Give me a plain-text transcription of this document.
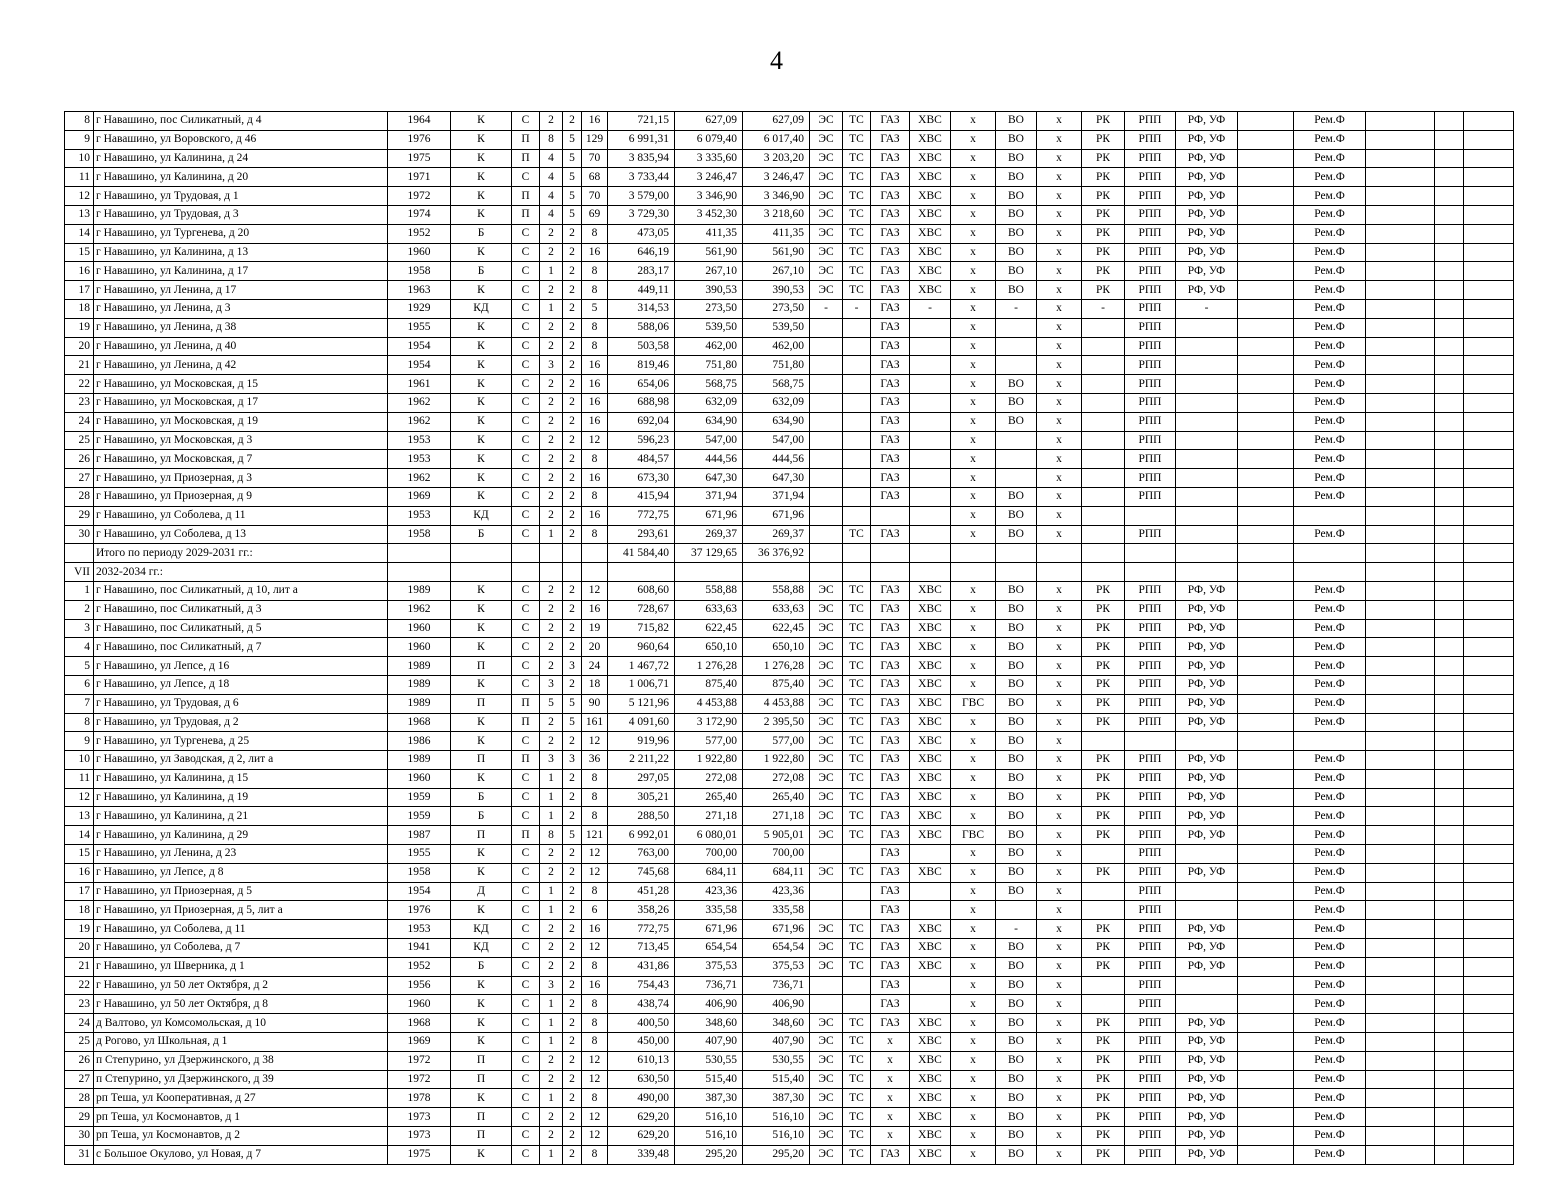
4
8	г Навашино, пос Силикатный, д 4	1964	К	С	2	2	16	721,15	627,09	627,09	ЭС	ТС	ГАЗ	ХВС	х	ВО	х	РК	РПП	РФ, УФ		Рем.Ф			
9	г Навашино, ул Воровского, д 46	1976	К	П	8	5	129	6 991,31	6 079,40	6 017,40	ЭС	ТС	ГАЗ	ХВС	х	ВО	х	РК	РПП	РФ, УФ		Рем.Ф			
10	г Навашино, ул Калинина, д 24	1975	К	П	4	5	70	3 835,94	3 335,60	3 203,20	ЭС	ТС	ГАЗ	ХВС	х	ВО	х	РК	РПП	РФ, УФ		Рем.Ф			
11	г Навашино, ул Калинина, д 20	1971	К	С	4	5	68	3 733,44	3 246,47	3 246,47	ЭС	ТС	ГАЗ	ХВС	х	ВО	х	РК	РПП	РФ, УФ		Рем.Ф			
12	г Навашино, ул Трудовая, д 1	1972	К	П	4	5	70	3 579,00	3 346,90	3 346,90	ЭС	ТС	ГАЗ	ХВС	х	ВО	х	РК	РПП	РФ, УФ		Рем.Ф			
13	г Навашино, ул Трудовая, д 3	1974	К	П	4	5	69	3 729,30	3 452,30	3 218,60	ЭС	ТС	ГАЗ	ХВС	х	ВО	х	РК	РПП	РФ, УФ		Рем.Ф			
14	г Навашино, ул Тургенева, д 20	1952	Б	С	2	2	8	473,05	411,35	411,35	ЭС	ТС	ГАЗ	ХВС	х	ВО	х	РК	РПП	РФ, УФ		Рем.Ф			
15	г Навашино, ул Калинина, д 13	1960	К	С	2	2	16	646,19	561,90	561,90	ЭС	ТС	ГАЗ	ХВС	х	ВО	х	РК	РПП	РФ, УФ		Рем.Ф			
16	г Навашино, ул Калинина, д 17	1958	Б	С	1	2	8	283,17	267,10	267,10	ЭС	ТС	ГАЗ	ХВС	х	ВО	х	РК	РПП	РФ, УФ		Рем.Ф			
17	г Навашино, ул Ленина, д 17	1963	К	С	2	2	8	449,11	390,53	390,53	ЭС	ТС	ГАЗ	ХВС	х	ВО	х	РК	РПП	РФ, УФ		Рем.Ф			
18	г Навашино, ул Ленина, д 3	1929	КД	С	1	2	5	314,53	273,50	273,50	-	-	ГАЗ	-	х	-	х	-	РПП	-		Рем.Ф			
19	г Навашино, ул Ленина, д 38	1955	К	С	2	2	8	588,06	539,50	539,50			ГАЗ		х		х		РПП			Рем.Ф			
20	г Навашино, ул Ленина, д 40	1954	К	С	2	2	8	503,58	462,00	462,00			ГАЗ		х		х		РПП			Рем.Ф			
21	г Навашино, ул Ленина, д 42	1954	К	С	3	2	16	819,46	751,80	751,80			ГАЗ		х		х		РПП			Рем.Ф			
22	г Навашино, ул Московская, д 15	1961	К	С	2	2	16	654,06	568,75	568,75			ГАЗ		х	ВО	х		РПП			Рем.Ф			
23	г Навашино, ул Московская, д 17	1962	К	С	2	2	16	688,98	632,09	632,09			ГАЗ		х	ВО	х		РПП			Рем.Ф			
24	г Навашино, ул Московская, д 19	1962	К	С	2	2	16	692,04	634,90	634,90			ГАЗ		х	ВО	х		РПП			Рем.Ф			
25	г Навашино, ул Московская, д 3	1953	К	С	2	2	12	596,23	547,00	547,00			ГАЗ		х		х		РПП			Рем.Ф			
26	г Навашино, ул Московская, д 7	1953	К	С	2	2	8	484,57	444,56	444,56			ГАЗ		х		х		РПП			Рем.Ф			
27	г Навашино, ул Приозерная, д 3	1962	К	С	2	2	16	673,30	647,30	647,30			ГАЗ		х		х		РПП			Рем.Ф			
28	г Навашино, ул Приозерная, д 9	1969	К	С	2	2	8	415,94	371,94	371,94			ГАЗ		х	ВО	х		РПП			Рем.Ф			
29	г Навашино, ул Соболева, д 11	1953	КД	С	2	2	16	772,75	671,96	671,96					х	ВО	х								
30	г Навашино, ул Соболева, д 13	1958	Б	С	1	2	8	293,61	269,37	269,37		ТС	ГАЗ		х	ВО	х		РПП			Рем.Ф			
	Итого по периоду 2029-2031 гг.:							41 584,40	37 129,65	36 376,92															
VII	2032-2034 гг.:																								
1	г Навашино, пос Силикатный, д 10, лит а	1989	К	С	2	2	12	608,60	558,88	558,88	ЭС	ТС	ГАЗ	ХВС	х	ВО	х	РК	РПП	РФ, УФ		Рем.Ф			
2	г Навашино, пос Силикатный, д 3	1962	К	С	2	2	16	728,67	633,63	633,63	ЭС	ТС	ГАЗ	ХВС	х	ВО	х	РК	РПП	РФ, УФ		Рем.Ф			
3	г Навашино, пос Силикатный, д 5	1960	К	С	2	2	19	715,82	622,45	622,45	ЭС	ТС	ГАЗ	ХВС	х	ВО	х	РК	РПП	РФ, УФ		Рем.Ф			
4	г Навашино, пос Силикатный, д 7	1960	К	С	2	2	20	960,64	650,10	650,10	ЭС	ТС	ГАЗ	ХВС	х	ВО	х	РК	РПП	РФ, УФ		Рем.Ф			
5	г Навашино, ул Лепсе, д 16	1989	П	С	2	3	24	1 467,72	1 276,28	1 276,28	ЭС	ТС	ГАЗ	ХВС	х	ВО	х	РК	РПП	РФ, УФ		Рем.Ф			
6	г Навашино, ул Лепсе, д 18	1989	К	С	3	2	18	1 006,71	875,40	875,40	ЭС	ТС	ГАЗ	ХВС	х	ВО	х	РК	РПП	РФ, УФ		Рем.Ф			
7	г Навашино, ул Трудовая, д 6	1989	П	П	5	5	90	5 121,96	4 453,88	4 453,88	ЭС	ТС	ГАЗ	ХВС	ГВС	ВО	х	РК	РПП	РФ, УФ		Рем.Ф			
8	г Навашино, ул Трудовая, д 2	1968	К	П	2	5	161	4 091,60	3 172,90	2 395,50	ЭС	ТС	ГАЗ	ХВС	х	ВО	х	РК	РПП	РФ, УФ		Рем.Ф			
9	г Навашино, ул Тургенева, д 25	1986	К	С	2	2	12	919,96	577,00	577,00	ЭС	ТС	ГАЗ	ХВС	х	ВО	х								
10	г Навашино, ул Заводская, д 2, лит а	1989	П	П	3	3	36	2 211,22	1 922,80	1 922,80	ЭС	ТС	ГАЗ	ХВС	х	ВО	х	РК	РПП	РФ, УФ		Рем.Ф			
11	г Навашино, ул Калинина, д 15	1960	К	С	1	2	8	297,05	272,08	272,08	ЭС	ТС	ГАЗ	ХВС	х	ВО	х	РК	РПП	РФ, УФ		Рем.Ф			
12	г Навашино, ул Калинина, д 19	1959	Б	С	1	2	8	305,21	265,40	265,40	ЭС	ТС	ГАЗ	ХВС	х	ВО	х	РК	РПП	РФ, УФ		Рем.Ф			
13	г Навашино, ул Калинина, д 21	1959	Б	С	1	2	8	288,50	271,18	271,18	ЭС	ТС	ГАЗ	ХВС	х	ВО	х	РК	РПП	РФ, УФ		Рем.Ф			
14	г Навашино, ул Калинина, д 29	1987	П	П	8	5	121	6 992,01	6 080,01	5 905,01	ЭС	ТС	ГАЗ	ХВС	ГВС	ВО	х	РК	РПП	РФ, УФ		Рем.Ф			
15	г Навашино, ул Ленина, д 23	1955	К	С	2	2	12	763,00	700,00	700,00			ГАЗ		х	ВО	х		РПП			Рем.Ф			
16	г Навашино, ул Лепсе, д 8	1958	К	С	2	2	12	745,68	684,11	684,11	ЭС	ТС	ГАЗ	ХВС	х	ВО	х	РК	РПП	РФ, УФ		Рем.Ф			
17	г Навашино, ул Приозерная, д 5	1954	Д	С	1	2	8	451,28	423,36	423,36			ГАЗ		х	ВО	х		РПП			Рем.Ф			
18	г Навашино, ул Приозерная, д 5, лит а	1976	К	С	1	2	6	358,26	335,58	335,58			ГАЗ		х		х		РПП			Рем.Ф			
19	г Навашино, ул Соболева, д 11	1953	КД	С	2	2	16	772,75	671,96	671,96	ЭС	ТС	ГАЗ	ХВС	х	-	х	РК	РПП	РФ, УФ		Рем.Ф			
20	г Навашино, ул Соболева, д 7	1941	КД	С	2	2	12	713,45	654,54	654,54	ЭС	ТС	ГАЗ	ХВС	х	ВО	х	РК	РПП	РФ, УФ		Рем.Ф			
21	г Навашино, ул Шверника, д 1	1952	Б	С	2	2	8	431,86	375,53	375,53	ЭС	ТС	ГАЗ	ХВС	х	ВО	х	РК	РПП	РФ, УФ		Рем.Ф			
22	г Навашино, ул 50 лет Октября, д 2	1956	К	С	3	2	16	754,43	736,71	736,71			ГАЗ		х	ВО	х		РПП			Рем.Ф			
23	г Навашино, ул 50 лет Октября, д 8	1960	К	С	1	2	8	438,74	406,90	406,90			ГАЗ		х	ВО	х		РПП			Рем.Ф			
24	д Валтово, ул Комсомольская, д 10	1968	К	С	1	2	8	400,50	348,60	348,60	ЭС	ТС	ГАЗ	ХВС	х	ВО	х	РК	РПП	РФ, УФ		Рем.Ф			
25	д Рогово, ул Школьная, д 1	1969	К	С	1	2	8	450,00	407,90	407,90	ЭС	ТС	х	ХВС	х	ВО	х	РК	РПП	РФ, УФ		Рем.Ф			
26	п Степурино, ул Дзержинского, д 38	1972	П	С	2	2	12	610,13	530,55	530,55	ЭС	ТС	х	ХВС	х	ВО	х	РК	РПП	РФ, УФ		Рем.Ф			
27	п Степурино, ул Дзержинского, д 39	1972	П	С	2	2	12	630,50	515,40	515,40	ЭС	ТС	х	ХВС	х	ВО	х	РК	РПП	РФ, УФ		Рем.Ф			
28	рп Теша, ул Кооперативная, д 27	1978	К	С	1	2	8	490,00	387,30	387,30	ЭС	ТС	х	ХВС	х	ВО	х	РК	РПП	РФ, УФ		Рем.Ф			
29	рп Теша, ул Космонавтов, д 1	1973	П	С	2	2	12	629,20	516,10	516,10	ЭС	ТС	х	ХВС	х	ВО	х	РК	РПП	РФ, УФ		Рем.Ф			
30	рп Теша, ул Космонавтов, д 2	1973	П	С	2	2	12	629,20	516,10	516,10	ЭС	ТС	х	ХВС	х	ВО	х	РК	РПП	РФ, УФ		Рем.Ф			
31	с Большое Окулово, ул Новая, д 7	1975	К	С	1	2	8	339,48	295,20	295,20	ЭС	ТС	ГАЗ	ХВС	х	ВО	х	РК	РПП	РФ, УФ		Рем.Ф			
